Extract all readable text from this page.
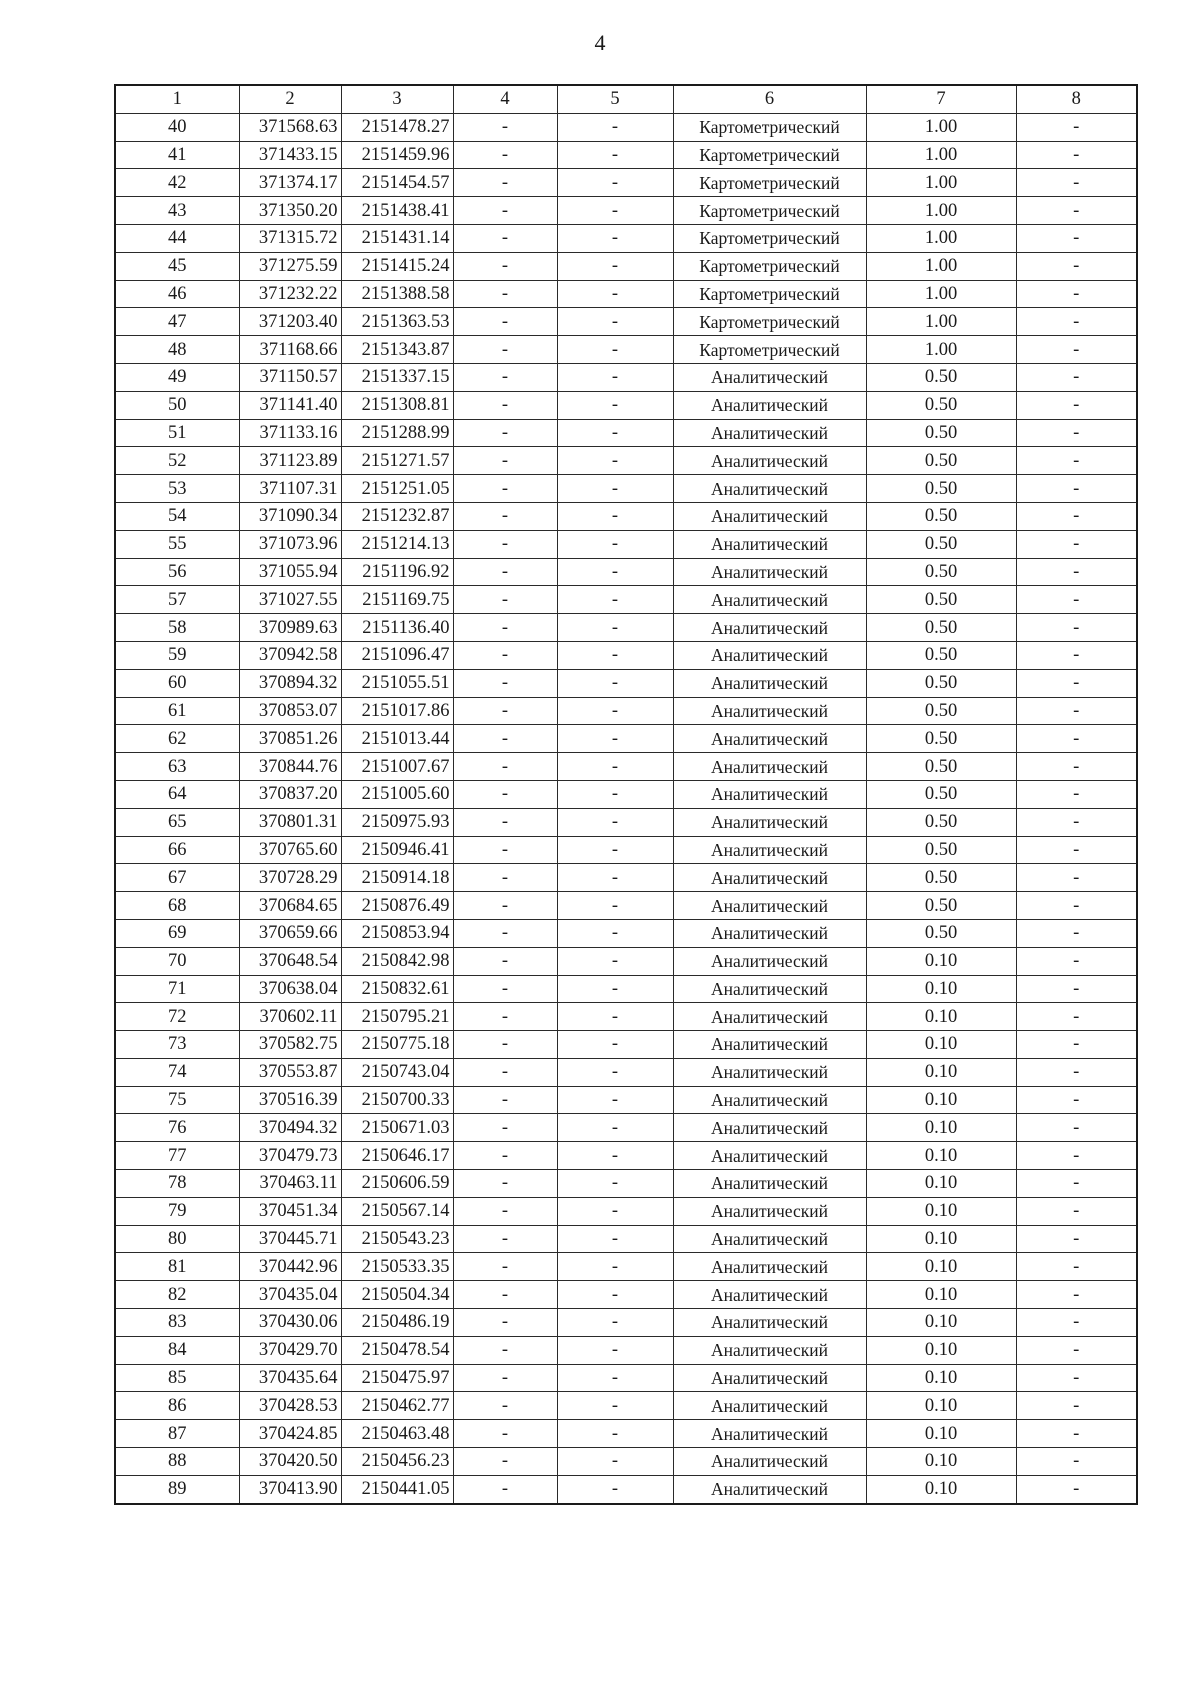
4
1	2	3	4	5	6	7	8
40	371568.63	2151478.27	-	-	Картометрический	1.00	-
41	371433.15	2151459.96	-	-	Картометрический	1.00	-
42	371374.17	2151454.57	-	-	Картометрический	1.00	-
43	371350.20	2151438.41	-	-	Картометрический	1.00	-
44	371315.72	2151431.14	-	-	Картометрический	1.00	-
45	371275.59	2151415.24	-	-	Картометрический	1.00	-
46	371232.22	2151388.58	-	-	Картометрический	1.00	-
47	371203.40	2151363.53	-	-	Картометрический	1.00	-
48	371168.66	2151343.87	-	-	Картометрический	1.00	-
49	371150.57	2151337.15	-	-	Аналитический	0.50	-
50	371141.40	2151308.81	-	-	Аналитический	0.50	-
51	371133.16	2151288.99	-	-	Аналитический	0.50	-
52	371123.89	2151271.57	-	-	Аналитический	0.50	-
53	371107.31	2151251.05	-	-	Аналитический	0.50	-
54	371090.34	2151232.87	-	-	Аналитический	0.50	-
55	371073.96	2151214.13	-	-	Аналитический	0.50	-
56	371055.94	2151196.92	-	-	Аналитический	0.50	-
57	371027.55	2151169.75	-	-	Аналитический	0.50	-
58	370989.63	2151136.40	-	-	Аналитический	0.50	-
59	370942.58	2151096.47	-	-	Аналитический	0.50	-
60	370894.32	2151055.51	-	-	Аналитический	0.50	-
61	370853.07	2151017.86	-	-	Аналитический	0.50	-
62	370851.26	2151013.44	-	-	Аналитический	0.50	-
63	370844.76	2151007.67	-	-	Аналитический	0.50	-
64	370837.20	2151005.60	-	-	Аналитический	0.50	-
65	370801.31	2150975.93	-	-	Аналитический	0.50	-
66	370765.60	2150946.41	-	-	Аналитический	0.50	-
67	370728.29	2150914.18	-	-	Аналитический	0.50	-
68	370684.65	2150876.49	-	-	Аналитический	0.50	-
69	370659.66	2150853.94	-	-	Аналитический	0.50	-
70	370648.54	2150842.98	-	-	Аналитический	0.10	-
71	370638.04	2150832.61	-	-	Аналитический	0.10	-
72	370602.11	2150795.21	-	-	Аналитический	0.10	-
73	370582.75	2150775.18	-	-	Аналитический	0.10	-
74	370553.87	2150743.04	-	-	Аналитический	0.10	-
75	370516.39	2150700.33	-	-	Аналитический	0.10	-
76	370494.32	2150671.03	-	-	Аналитический	0.10	-
77	370479.73	2150646.17	-	-	Аналитический	0.10	-
78	370463.11	2150606.59	-	-	Аналитический	0.10	-
79	370451.34	2150567.14	-	-	Аналитический	0.10	-
80	370445.71	2150543.23	-	-	Аналитический	0.10	-
81	370442.96	2150533.35	-	-	Аналитический	0.10	-
82	370435.04	2150504.34	-	-	Аналитический	0.10	-
83	370430.06	2150486.19	-	-	Аналитический	0.10	-
84	370429.70	2150478.54	-	-	Аналитический	0.10	-
85	370435.64	2150475.97	-	-	Аналитический	0.10	-
86	370428.53	2150462.77	-	-	Аналитический	0.10	-
87	370424.85	2150463.48	-	-	Аналитический	0.10	-
88	370420.50	2150456.23	-	-	Аналитический	0.10	-
89	370413.90	2150441.05	-	-	Аналитический	0.10	-
